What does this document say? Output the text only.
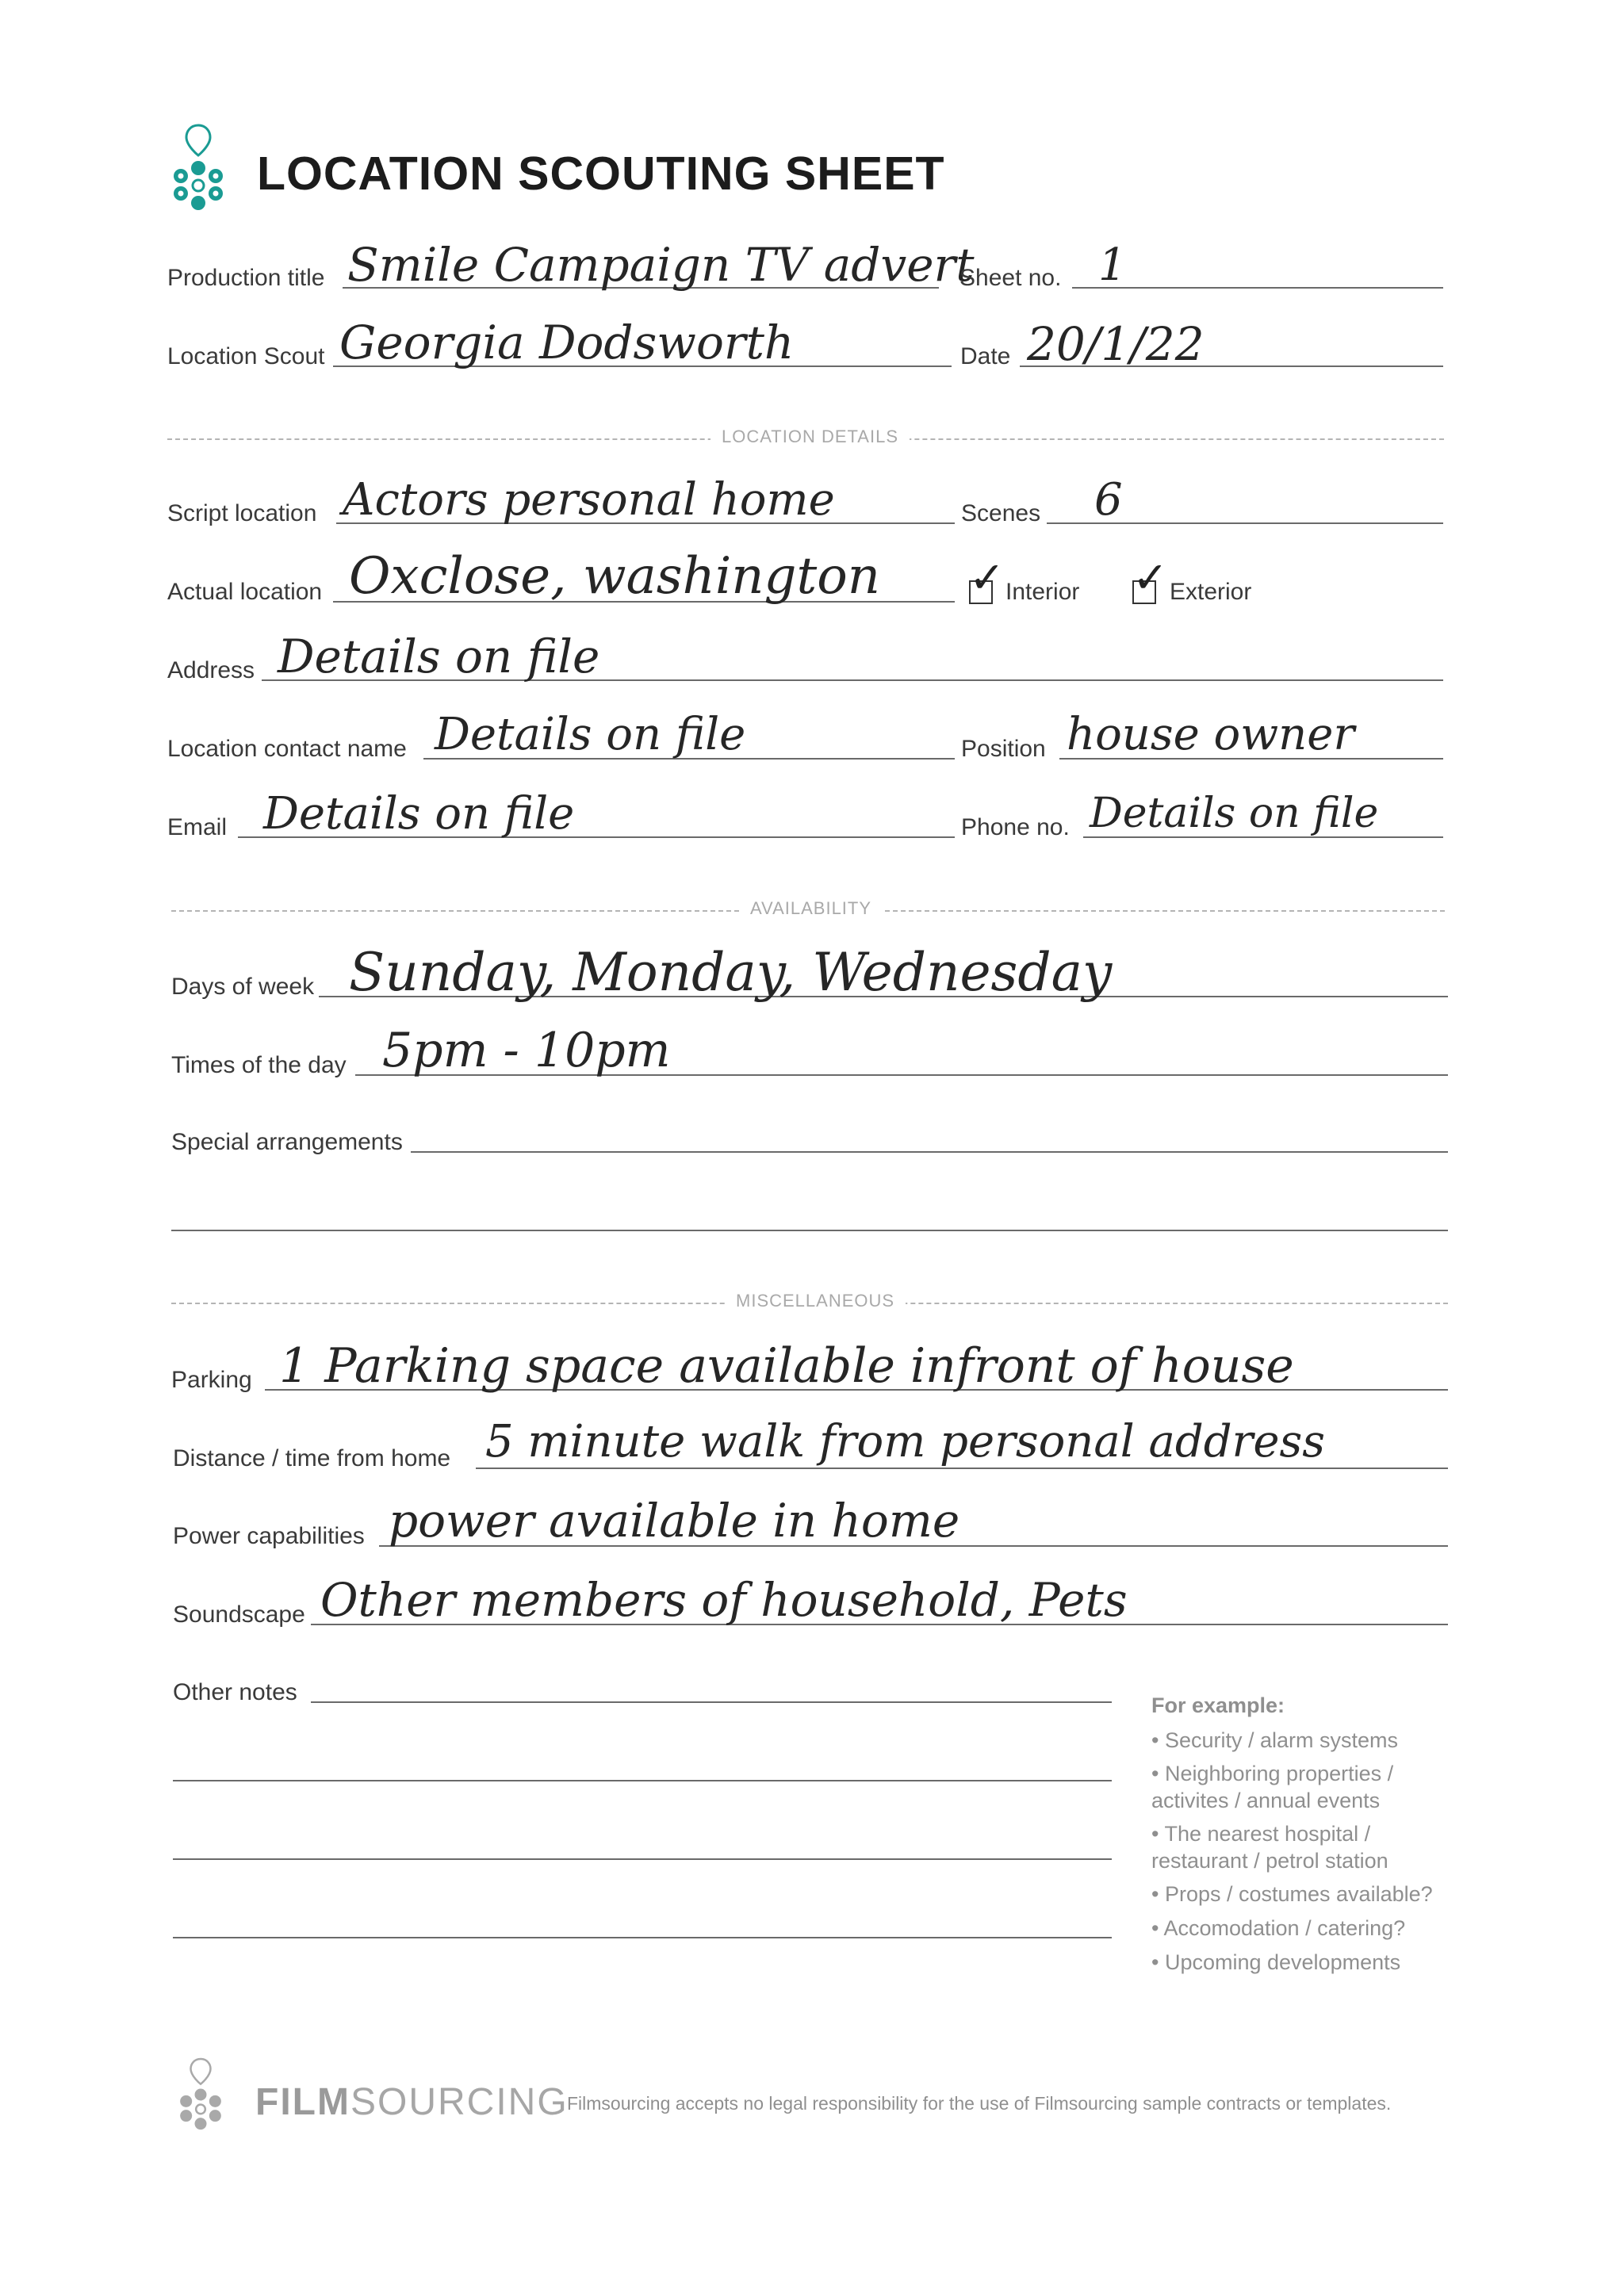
LOCATION SCOUTING SHEET
Production title Smile Campaign TV advert
Sheet no. 1
Location Scout Georgia Dodsworth	Date 20/1/22
LOCATION DETAILS
Script location Actors personal home	Scenes 6
Actual location Oxclose, washington ✓ Interior ✓ Exterior
Address Details on file
Location contact name Details on file	Position house owner
Email Details on file	Phone no. Details on file
AVAILABILITY
Days of week Sunday, Monday, Wednesday
Times of the day 5pm - 10pm
Special arrangements
MISCELLANEOUS
Parking 1 Parking space available infront of house
Distance / time from home 5 minute walk from personal address
Power capabilities power available in home
Soundscape Other members of household, Pets
Other notes	For example:
• Security / alarm systems
• Neighboring properties /
activites / annual events
• The nearest hospital /
restaurant / petrol station
• Props / costumes available?
• Accomodation / catering?
• Upcoming developments
FILMSOURCING
Filmsourcing accepts no legal responsibility for the use of Filmsourcing sample contracts or templates.
